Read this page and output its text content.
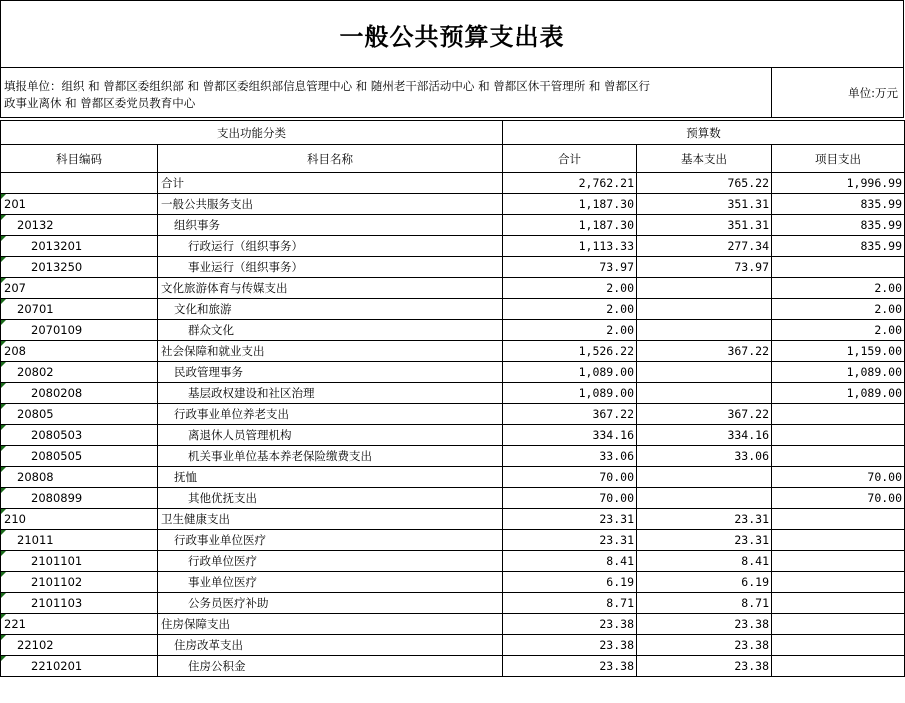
一般公共预算支出表
填报单位：组织 和 曾都区委组织部 和 曾都区委组织部信息管理中心 和 随州老干部活动中心 和 曾都区休干管理所 和 曾都区行
政事业离休 和 曾都区委党员教育中心
单位:万元
支出功能分类		预算数		
科目编码	科目名称	合计	基本支出	项目支出
	合计	2,762.21	765.22	1,996.99
201	一般公共服务支出	1,187.30	351.31	835.99
20132	组织事务	1,187.30	351.31	835.99
2013201	行政运行（组织事务）	1,113.33	277.34	835.99
2013250	事业运行（组织事务）	73.97	73.97	
207	文化旅游体育与传媒支出	2.00		2.00
20701	文化和旅游	2.00		2.00
2070109	群众文化	2.00		2.00
208	社会保障和就业支出	1,526.22	367.22	1,159.00
20802	民政管理事务	1,089.00		1,089.00
2080208	基层政权建设和社区治理	1,089.00		1,089.00
20805	行政事业单位养老支出	367.22	367.22	
2080503	离退休人员管理机构	334.16	334.16	
2080505	机关事业单位基本养老保险缴费支出	33.06	33.06	
20808	抚恤	70.00		70.00
2080899	其他优抚支出	70.00		70.00
210	卫生健康支出	23.31	23.31	
21011	行政事业单位医疗	23.31	23.31	
2101101	行政单位医疗	8.41	8.41	
2101102	事业单位医疗	6.19	6.19	
2101103	公务员医疗补助	8.71	8.71	
221	住房保障支出	23.38	23.38	
22102	住房改革支出	23.38	23.38	
2210201	住房公积金	23.38	23.38	
